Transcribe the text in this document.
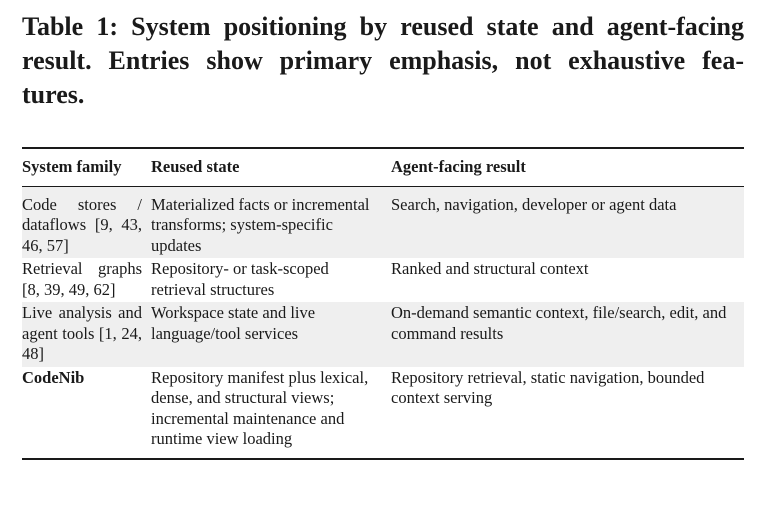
Table 1: System positioning by reused state and agent-facing
result. Entries show primary emphasis, not exhaustive fea-
tures.
System family	Reused state	Agent-facing result
Code stores / dataflows [9, 43, 46, 57]	Materialized facts or incremental transforms; system-specific updates	Search, navigation, developer or agent data
Retrieval graphs [8, 39, 49, 62]	Repository- or task-scoped retrieval structures	Ranked and structural context
Live analysis and agent tools [1, 24, 48]	Workspace state and live language/tool services	On-demand semantic context, file/search, edit, and command results
CodeNib	Repository manifest plus lexical, dense, and structural views; incremental maintenance and runtime view loading	Repository retrieval, static navigation, bounded context serving
